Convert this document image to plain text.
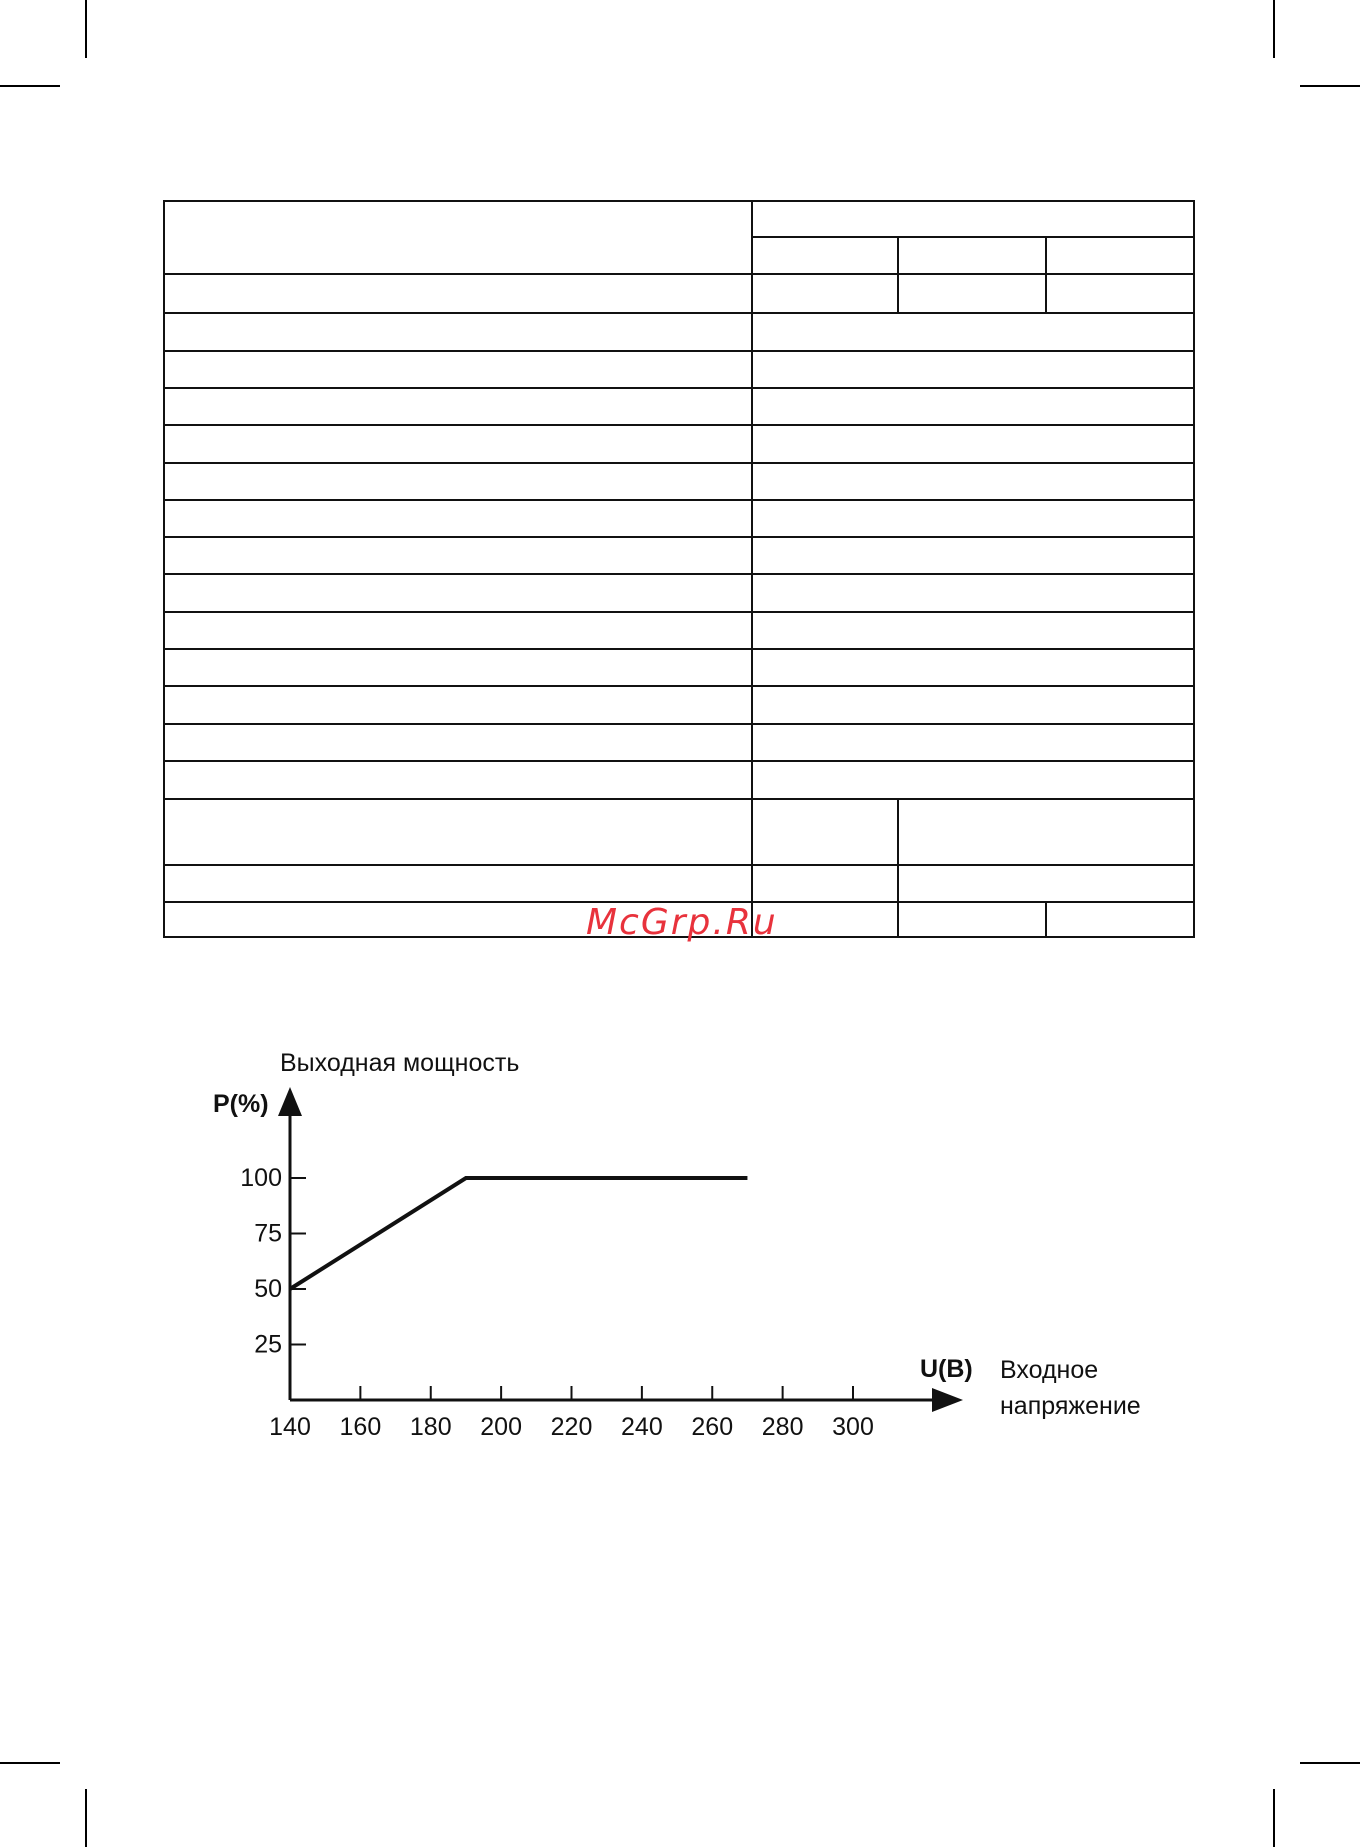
McGrp.Ru
Выходная мощность
P(%)
U(B) Входное
напряжение
140 160 180 200 220 240 260 280 300
25
50
75
100
